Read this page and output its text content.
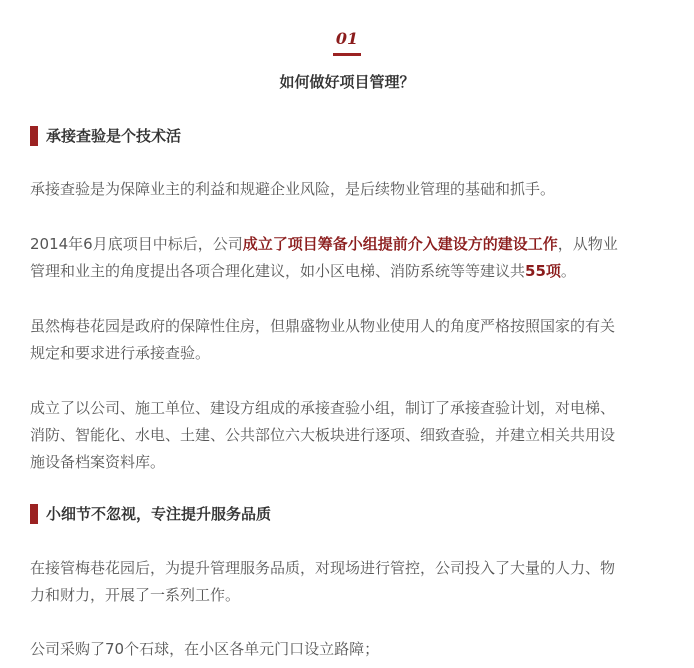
01
如何做好项目管理？
承接查验是个技术活
承接查验是为保障业主的利益和规避企业风险，是后续物业管理的基础和抓手。
2014年6月底项目中标后，公司成立了项目筹备小组提前介入建设方的建设工作，从物业
管理和业主的角度提出各项合理化建议，如小区电梯、消防系统等等建议共55项。
虽然梅巷花园是政府的保障性住房，但鼎盛物业从物业使用人的角度严格按照国家的有关
规定和要求进行承接查验。
成立了以公司、施工单位、建设方组成的承接查验小组，制订了承接查验计划，对电梯、
消防、智能化、水电、土建、公共部位六大板块进行逐项、细致查验，并建立相关共用设
施设备档案资料库。
小细节不忽视，专注提升服务品质
在接管梅巷花园后，为提升管理服务品质，对现场进行管控，公司投入了大量的人力、物
力和财力，开展了一系列工作。
公司采购了70个石球，在小区各单元门口设立路障；
